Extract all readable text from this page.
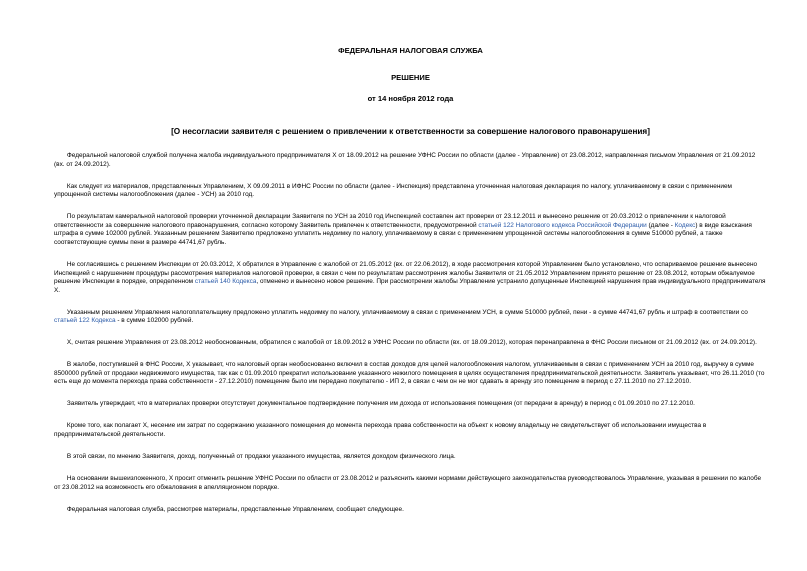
ФЕДЕРАЛЬНАЯ НАЛОГОВАЯ СЛУЖБА
РЕШЕНИЕ
от 14 ноября 2012 года
[О несогласии заявителя с решением о привлечении к ответственности за совершение налогового правонарушения]

  Федеральной налоговой службой получена жалоба индивидуального предпринимателя Х от 18.09.2012 на решение УФНС России по области (далее - Управление) от 23.08.2012, направленная письмом Управления от 21.09.2012 (вх. от 24.09.2012).

  Как следует из материалов, представленных Управлением, Х 09.09.2011 в ИФНС России по области (далее - Инспекция) представлена уточненная налоговая декларация по налогу, уплачиваемому в связи с применением упрощенной системы налогообложения (далее - УСН) за 2010 год.

  По результатам камеральной налоговой проверки уточненной декларации Заявителя по УСН за 2010 год Инспекцией составлен акт проверки от 23.12.2011 и вынесено решение от 20.03.2012 о привлечении к налоговой ответственности за совершение налогового правонарушения, согласно которому Заявитель привлечен к ответственности, предусмотренной статьей 122 Налогового кодекса Российской Федерации (далее - Кодекс) в виде взыскания штрафа в сумме 102000 рублей. Указанным решением Заявителю предложено уплатить недоимку по налогу, уплачиваемому в связи с применением упрощенной системы налогообложения в сумме 510000 рублей, а также соответствующие суммы пени в размере 44741,67 рубль.

  Не согласившись с решением Инспекции от 20.03.2012, Х обратился в Управление с жалобой от 21.05.2012 (вх. от 22.06.2012), в ходе рассмотрения которой Управлением было установлено, что оспариваемое решение вынесено Инспекцией с нарушением процедуры рассмотрения материалов налоговой проверки, в связи с чем по результатам рассмотрения жалобы Заявителя от 21.05.2012 Управлением принято решение от 23.08.2012, которым обжалуемое решение Инспекции в порядке, определенном статьей 140 Кодекса, отменено и вынесено новое решение. При рассмотрении жалобы Управление устранило допущенные Инспекцией нарушения прав индивидуального предпринимателя Х.

  Указанным решением Управления налогоплательщику предложено уплатить недоимку по налогу, уплачиваемому в связи с применением УСН, в сумме 510000 рублей, пени - в сумме 44741,67 рубль и штраф в соответствии со статьей 122 Кодекса - в сумме 102000 рублей.

  Х, считая решение Управления от 23.08.2012 необоснованным, обратился с жалобой от 18.09.2012 в УФНС России по области (вх. от 18.09.2012), которая перенаправлена в ФНС России письмом от 21.09.2012 (вх. от 24.09.2012).

  В жалобе, поступившей в ФНС России, Х указывает, что налоговый орган необоснованно включил в состав доходов для целей налогообложения налогом, уплачиваемым в связи с применением УСН за 2010 год, выручку в сумме 8500000 рублей от продажи недвижимого имущества, так как с 01.09.2010 прекратил использование указанного нежилого помещения в целях осуществления предпринимательской деятельности. Заявитель указывает, что 26.11.2010 (то есть еще до момента перехода права собственности - 27.12.2010) помещение было им передано покупателю - ИП 2, в связи с чем он не мог сдавать в аренду это помещение в период с 27.11.2010 по 27.12.2010.

  Заявитель утверждает, что в материалах проверки отсутствует документальное подтверждение получения им дохода от использования помещения (от передачи в аренду) в период с 01.09.2010 по 27.12.2010.

  Кроме того, как полагает Х, несение им затрат по содержанию указанного помещения до момента перехода права собственности на объект к новому владельцу не свидетельствует об использовании имущества в предпринимательской деятельности.

  В этой связи, по мнению Заявителя, доход, полученный от продажи указанного имущества, является доходом физического лица.

  На основании вышеизложенного, Х просит отменить решение УФНС России по области от 23.08.2012 и разъяснить какими нормами действующего законодательства руководствовалось Управление, указывая в решении по жалобе от 23.08.2012 на возможность его обжалования в апелляционном порядке.

  Федеральная налоговая служба, рассмотрев материалы, представленные Управлением, сообщает следующее.
